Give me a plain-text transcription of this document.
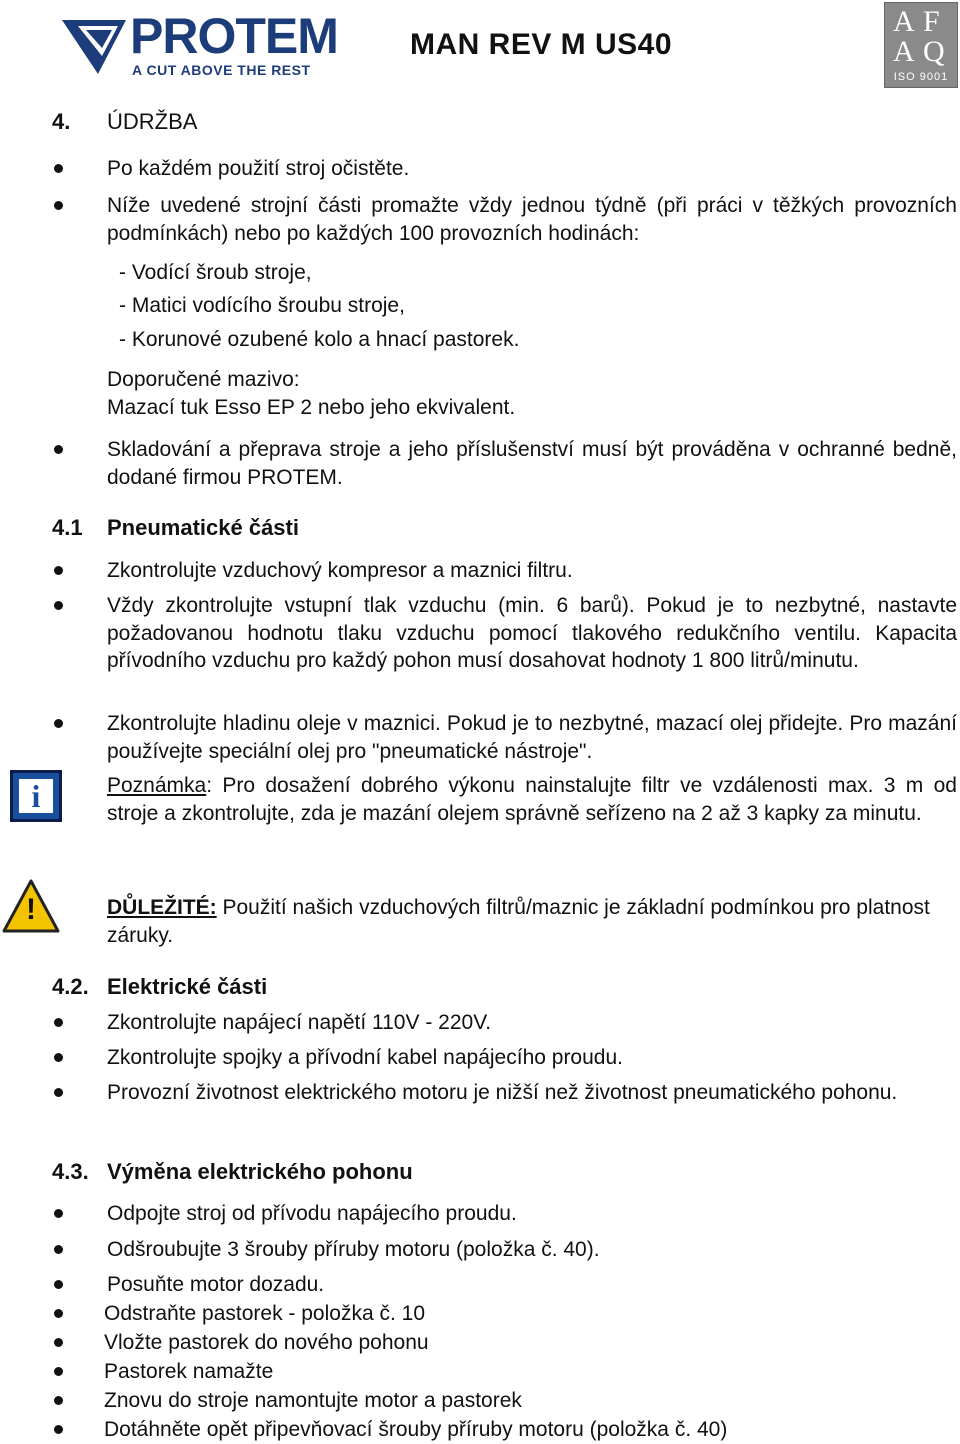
PROTEM
A CUT ABOVE THE REST
MAN REV M US40
A F
A Q
ISO 9001
4. ÚDRŽBA
Po každém použití stroj očistěte.
Níže uvedené strojní části promažte vždy jednou týdně (při práci v těžkých provozních podmínkách) nebo po každých 100 provozních hodinách:
- Vodící šroub stroje,
- Matici vodícího šroubu stroje,
- Korunové ozubené kolo a hnací pastorek.
Doporučené mazivo:
Mazací tuk Esso EP 2 nebo jeho ekvivalent.
Skladování a přeprava stroje a jeho příslušenství musí být prováděna v ochranné bedně, dodané firmou PROTEM.
4.1 Pneumatické části
Zkontrolujte vzduchový kompresor a maznici filtru.
Vždy zkontrolujte vstupní tlak vzduchu (min. 6 barů). Pokud je to nezbytné, nastavte požadovanou hodnotu tlaku vzduchu pomocí tlakového redukčního ventilu. Kapacita přívodního vzduchu pro každý pohon musí dosahovat hodnoty 1 800 litrů/minutu.
Zkontrolujte hladinu oleje v maznici. Pokud je to nezbytné, mazací olej přidejte. Pro mazání používejte speciální olej pro "pneumatické nástroje".
i	Poznámka: Pro dosažení dobrého výkonu nainstalujte filtr ve vzdálenosti max. 3 m od stroje a zkontrolujte, zda je mazání olejem správně seřízeno na 2 až 3 kapky za minutu.
!	DŮLEŽITÉ: Použití našich vzduchových filtrů/maznic je základní podmínkou pro platnost záruky.
4.2. Elektrické části
Zkontrolujte napájecí napětí 110V - 220V.
Zkontrolujte spojky a přívodní kabel napájecího proudu.
Provozní životnost elektrického motoru je nižší než životnost pneumatického pohonu.
4.3. Výměna elektrického pohonu
Odpojte stroj od přívodu napájecího proudu.
Odšroubujte 3 šrouby příruby motoru (položka č. 40).
Posuňte motor dozadu.
Odstraňte pastorek - položka č. 10
Vložte pastorek do nového pohonu
Pastorek namažte
Znovu do stroje namontujte motor a pastorek
Dotáhněte opět připevňovací šrouby příruby motoru (položka č. 40)
